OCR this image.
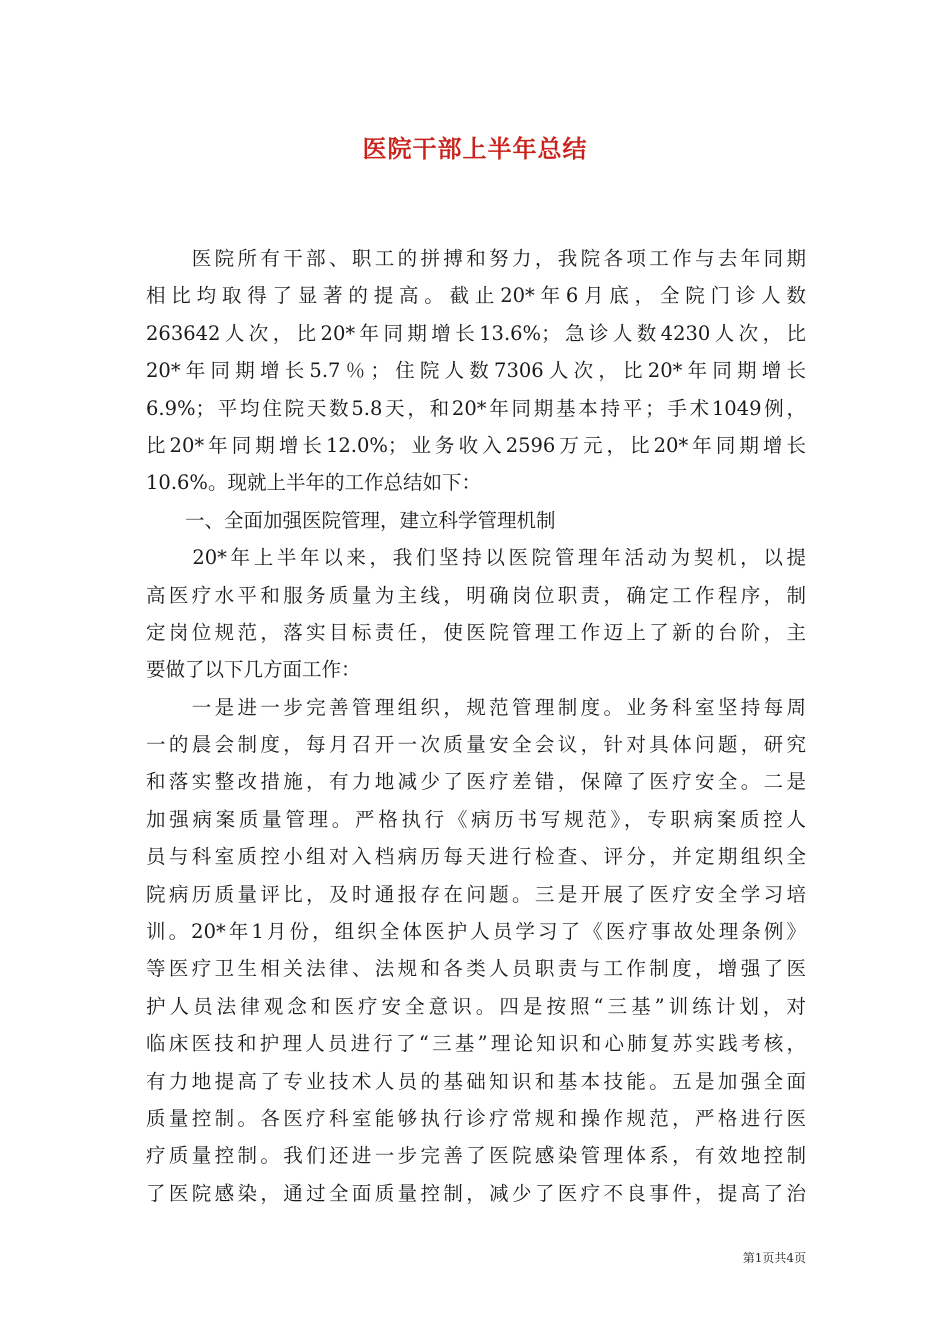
医院干部上半年总结
　　医院所有干部、职工的拼搏和努力，我院各项工作与去年同期
相比均取得了显著的提高。截止20*年6月底，全院门诊人数
263642人次，比20*年同期增长13.6%；急诊人数4230人次，比
20*年同期增长5.7％；住院人数7306人次，比20*年同期增长
6.9%；平均住院天数5.8天，和20*年同期基本持平；手术1049例，
比20*年同期增长12.0%；业务收入2596万元，比20*年同期增长
10.6%。现就上半年的工作总结如下：
　　一、全面加强医院管理，建立科学管理机制
　　20*年上半年以来，我们坚持以医院管理年活动为契机，以提
高医疗水平和服务质量为主线，明确岗位职责，确定工作程序，制
定岗位规范，落实目标责任，使医院管理工作迈上了新的台阶，主
要做了以下几方面工作：
　　一是进一步完善管理组织，规范管理制度。业务科室坚持每周
一的晨会制度，每月召开一次质量安全会议，针对具体问题，研究
和落实整改措施，有力地减少了医疗差错，保障了医疗安全。二是
加强病案质量管理。严格执行《病历书写规范》，专职病案质控人
员与科室质控小组对入档病历每天进行检查、评分，并定期组织全
院病历质量评比，及时通报存在问题。三是开展了医疗安全学习培
训。20*年1月份，组织全体医护人员学习了《医疗事故处理条例》
等医疗卫生相关法律、法规和各类人员职责与工作制度，增强了医
护人员法律观念和医疗安全意识。四是按照“三基”训练计划，对
临床医技和护理人员进行了“三基”理论知识和心肺复苏实践考核，
有力地提高了专业技术人员的基础知识和基本技能。五是加强全面
质量控制。各医疗科室能够执行诊疗常规和操作规范，严格进行医
疗质量控制。我们还进一步完善了医院感染管理体系，有效地控制
了医院感染，通过全面质量控制，减少了医疗不良事件，提高了治
第1页共4页
